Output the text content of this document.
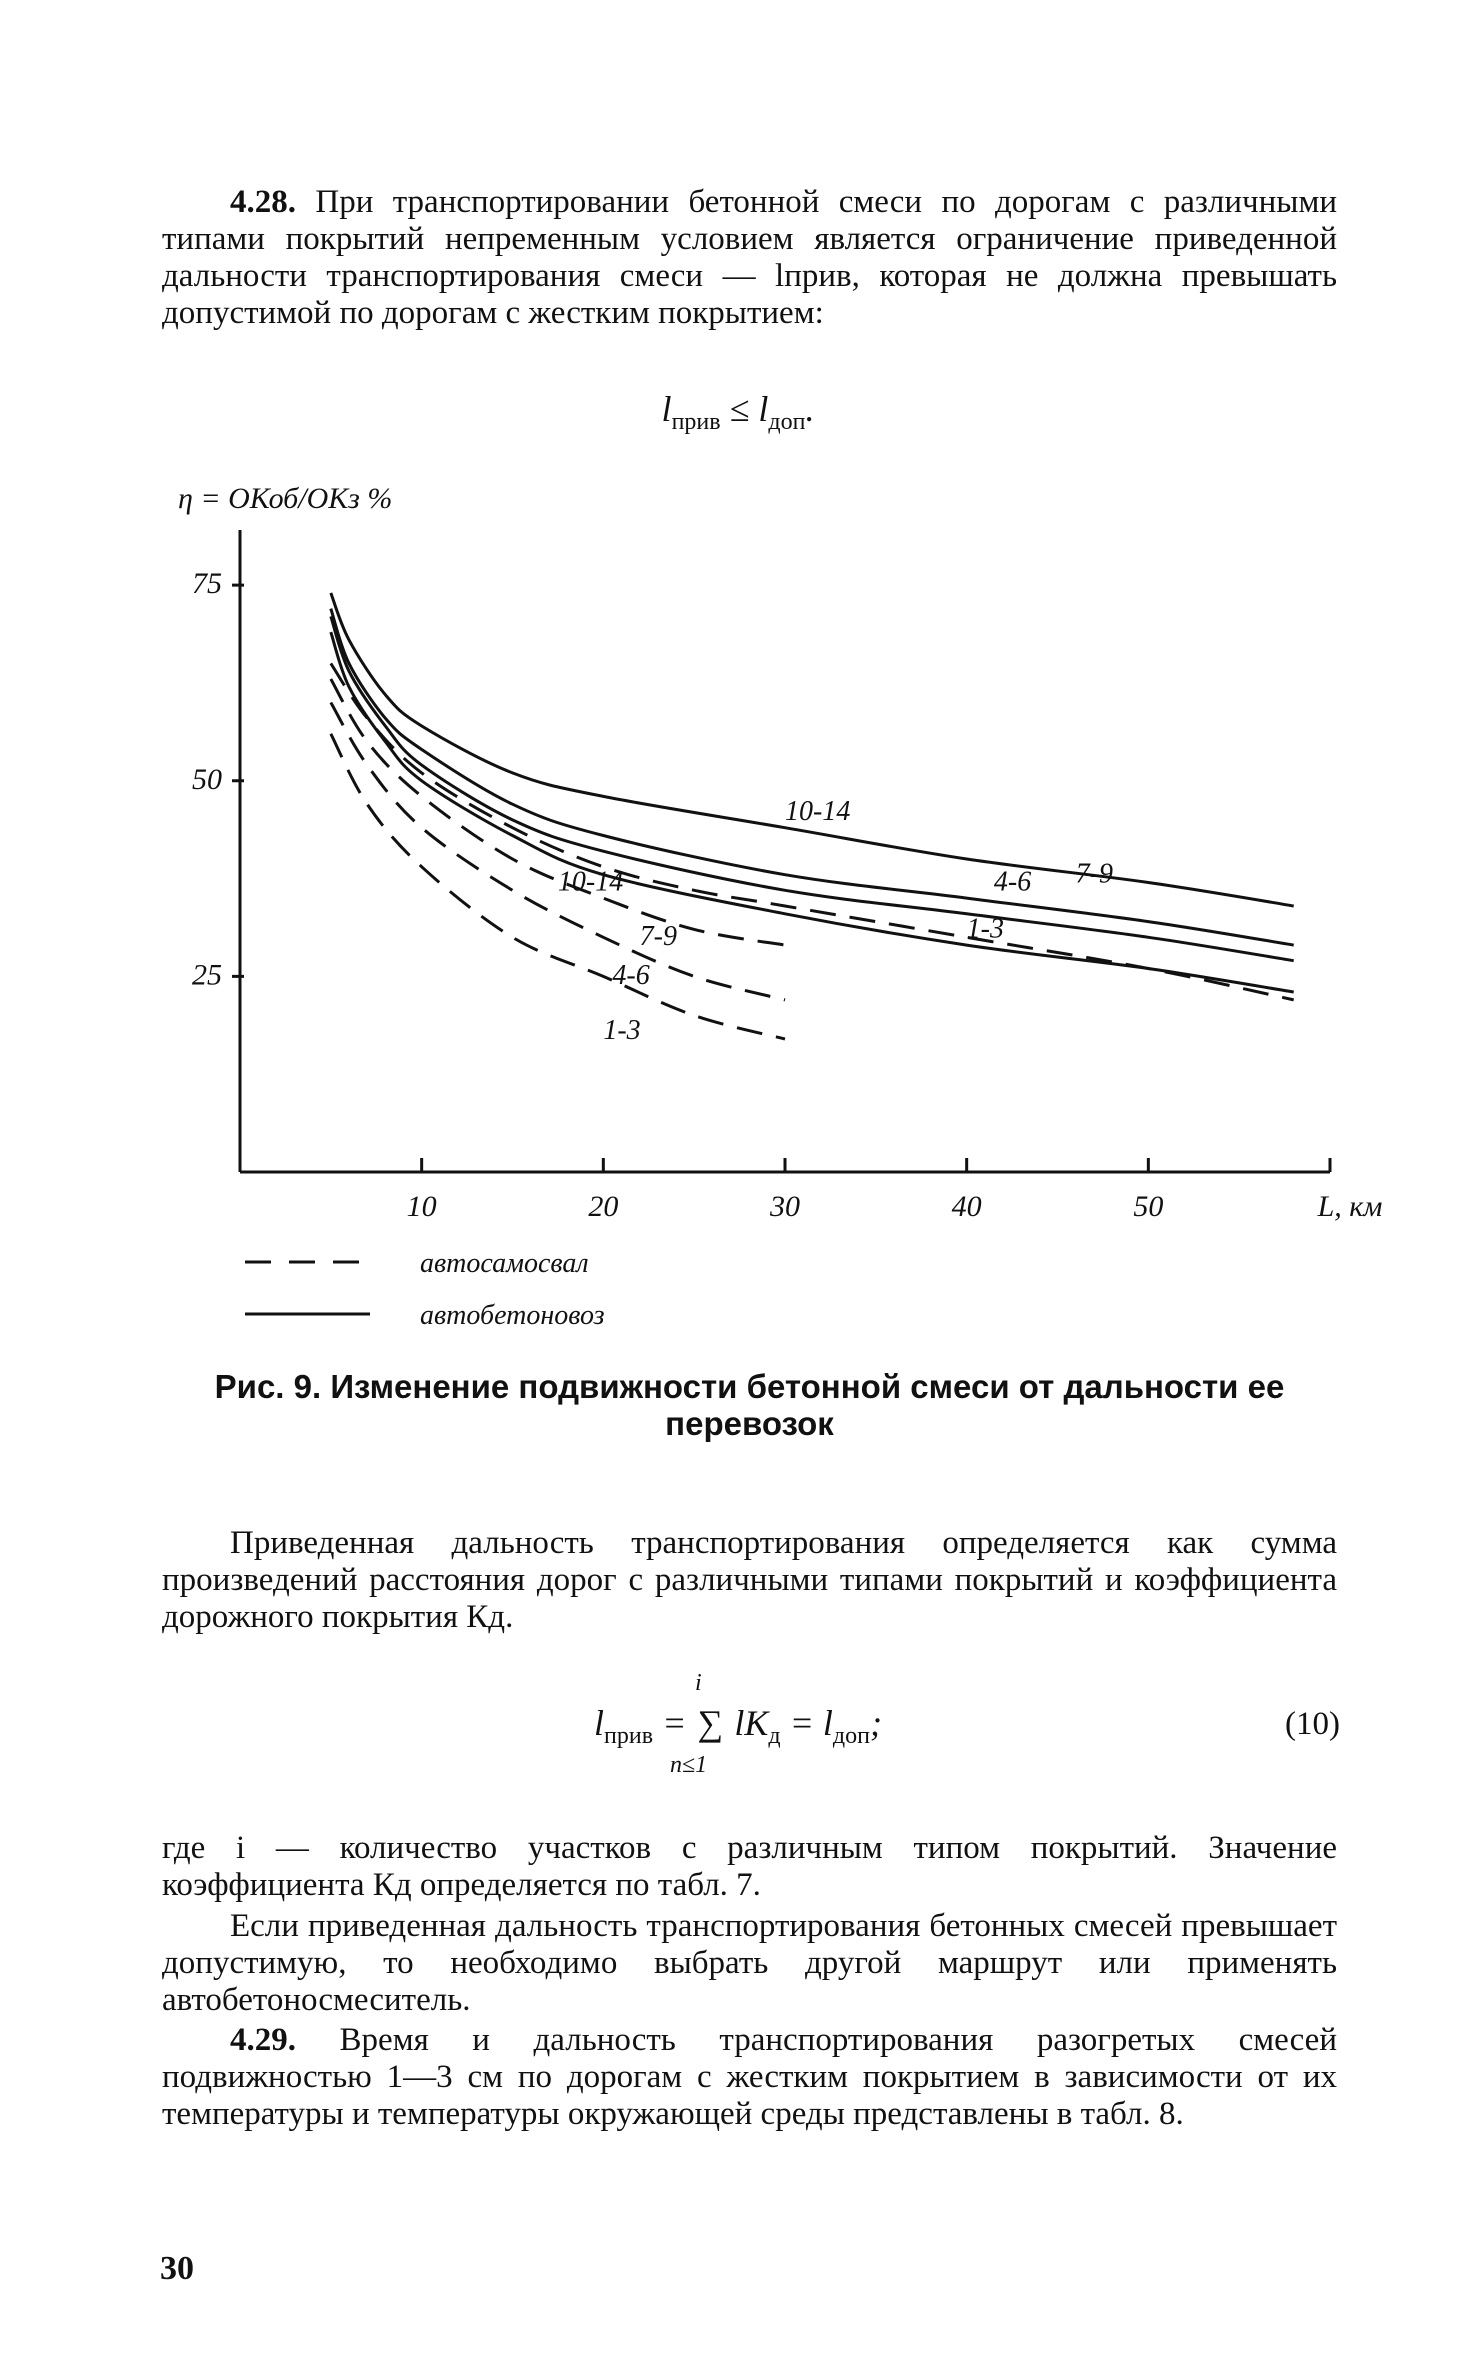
4.28. При транспортировании бетонной смеси по дорогам с различными типами покрытий непременным условием является ограничение приведенной дальности транспортирования смеси — lприв, которая не должна превышать допустимой по дорогам с жестким покрытием:

$l_{прив} \le l_{доп}$.
η = ОКоб/ОКз %
75
50
25
10	20	30	40	50	L, км
10-14
7-9
4-6
1-3
10-14
7-9
4-6
1-3
автосамосвал
автобетоновоз
Рис. 9. Изменение подвижности бетонной смеси от дальности ее перевозок

Приведенная дальность транспортирования определяется как сумма произведений расстояния дорог с различными типами покрытий и коэффициента дорожного покрытия Кд.

i
$l_{прив}$ = ∑ $lK_д = l_{доп}$;
n≤1
(10)

где i — количество участков с различным типом покрытий. Значение коэффициента Кд определяется по табл. 7.

Если приведенная дальность транспортирования бетонных смесей превышает допустимую, то необходимо выбрать другой маршрут или применять автобетоносмеситель.

4.29. Время и дальность транспортирования разогретых смесей подвижностью 1—3 см по дорогам с жестким покрытием в зависимости от их температуры и температуры окружающей среды представлены в табл. 8.

30
